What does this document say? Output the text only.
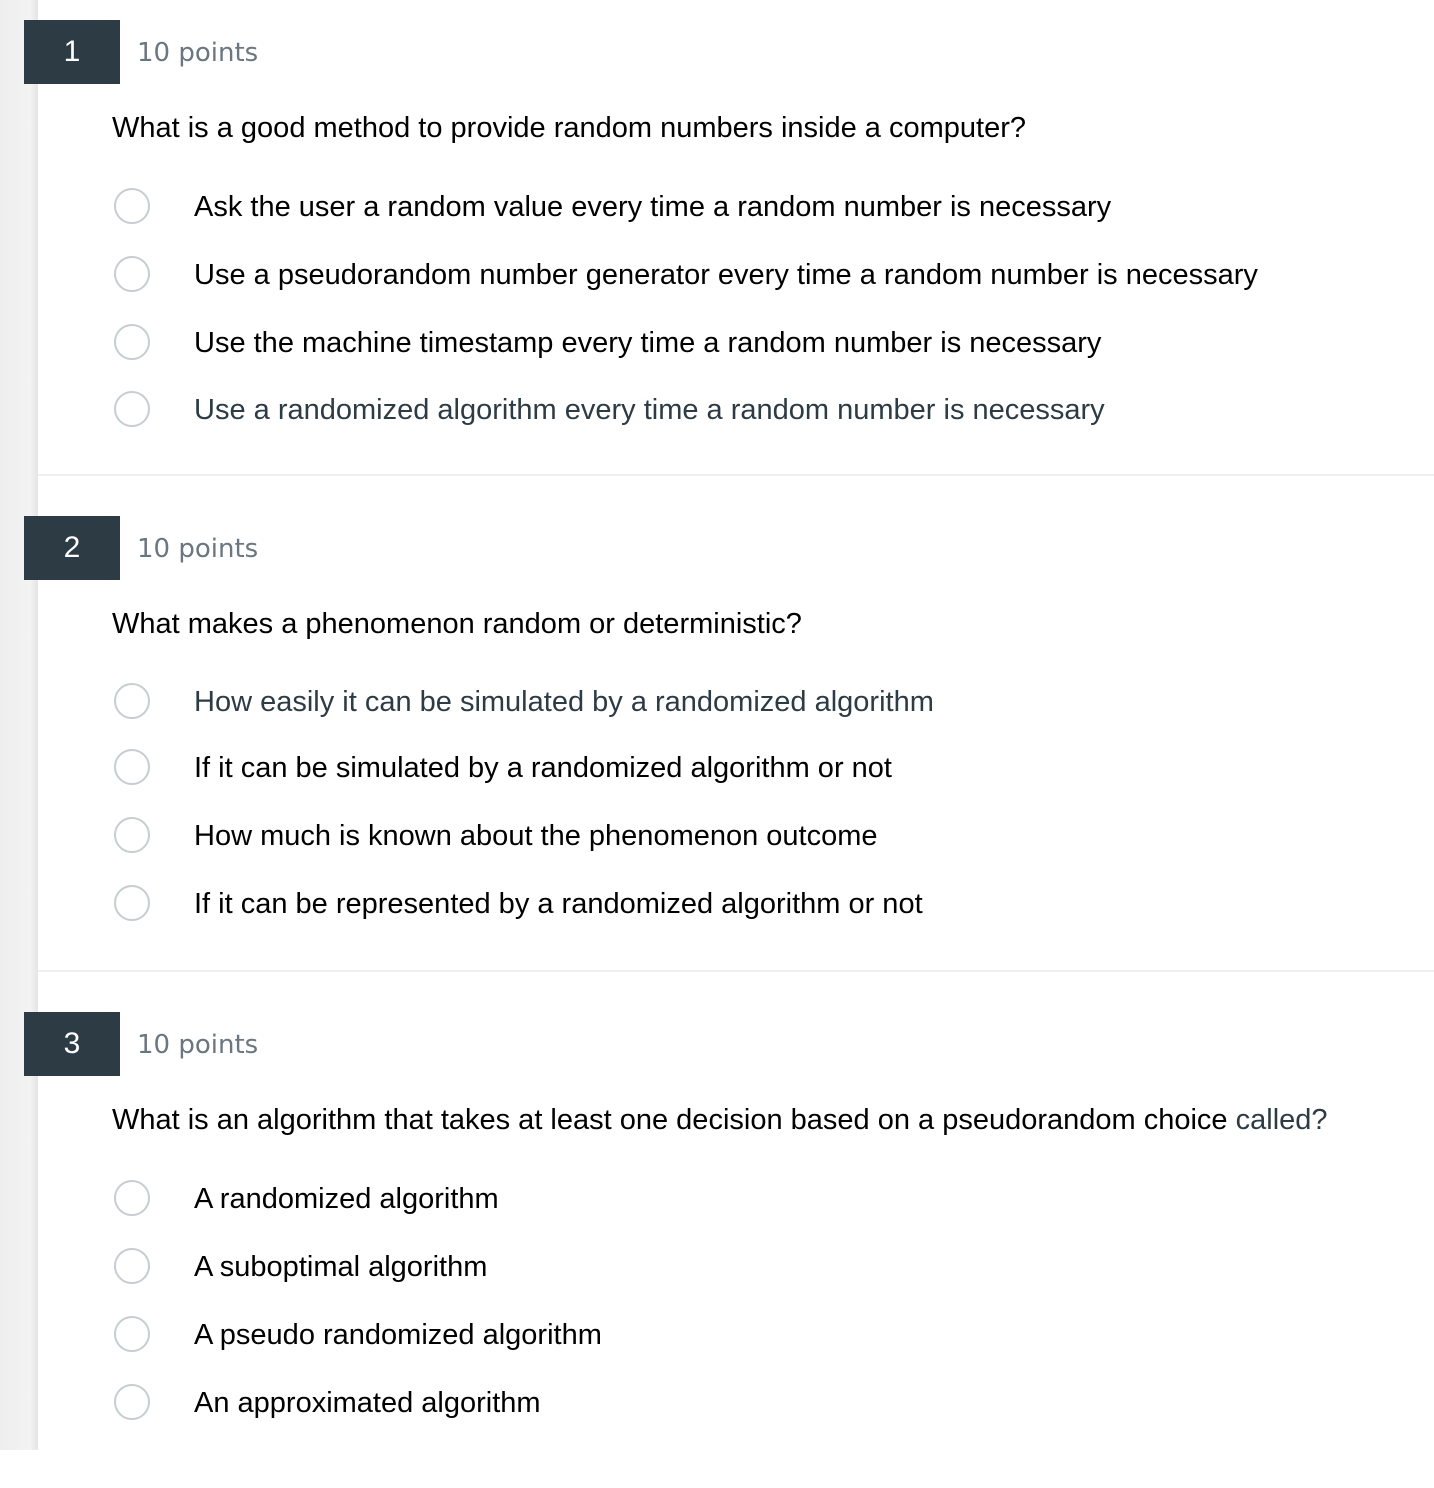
1	10 points
What is a good method to provide random numbers inside a computer?
Ask the user a random value every time a random number is necessary
Use a pseudorandom number generator every time a random number is necessary
Use the machine timestamp every time a random number is necessary
Use a randomized algorithm every time a random number is necessary
2	10 points
What makes a phenomenon random or deterministic?
How easily it can be simulated by a randomized algorithm
If it can be simulated by a randomized algorithm or not
How much is known about the phenomenon outcome
If it can be represented by a randomized algorithm or not
3	10 points
What is an algorithm that takes at least one decision based on a pseudorandom choice called?
A randomized algorithm
A suboptimal algorithm
A pseudo randomized algorithm
An approximated algorithm
